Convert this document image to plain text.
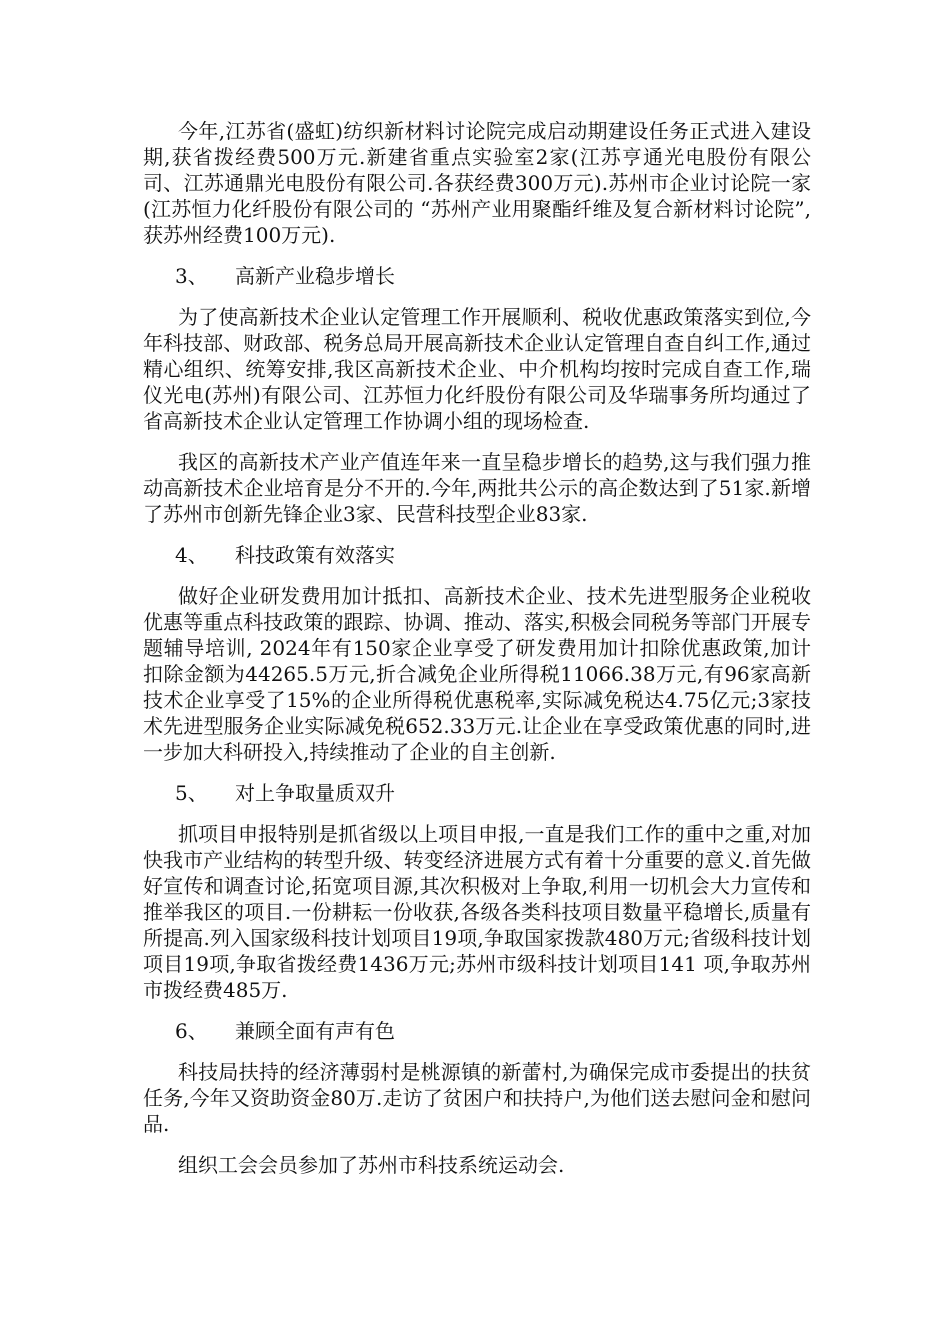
今年,江苏省(盛虹)纺织新材料讨论院完成启动期建设任务正式进入建设期,获省拨经费500万元.新建省重点实验室2家(江苏亨通光电股份有限公司、江苏通鼎光电股份有限公司.各获经费300万元).苏州市企业讨论院一家(江苏恒力化纤股份有限公司的 “苏州产业用聚酯纤维及复合新材料讨论院”,获苏州经费100万元).

3、 高新产业稳步增长

为了使高新技术企业认定管理工作开展顺利、税收优惠政策落实到位,今年科技部、财政部、税务总局开展高新技术企业认定管理自查自纠工作,通过精心组织、统筹安排,我区高新技术企业、中介机构均按时完成自查工作,瑞仪光电(苏州)有限公司、江苏恒力化纤股份有限公司及华瑞事务所均通过了省高新技术企业认定管理工作协调小组的现场检查.

我区的高新技术产业产值连年来一直呈稳步增长的趋势,这与我们强力推动高新技术企业培育是分不开的.今年,两批共公示的高企数达到了51家.新增了苏州市创新先锋企业3家、民营科技型企业83家.

4、 科技政策有效落实

做好企业研发费用加计抵扣、高新技术企业、技术先进型服务企业税收优惠等重点科技政策的跟踪、协调、推动、落实,积极会同税务等部门开展专题辅导培训, 2024年有150家企业享受了研发费用加计扣除优惠政策,加计扣除金额为44265.5万元,折合减免企业所得税11066.38万元,有96家高新技术企业享受了15%的企业所得税优惠税率,实际减免税达4.75亿元;3家技术先进型服务企业实际减免税652.33万元.让企业在享受政策优惠的同时,进一步加大科研投入,持续推动了企业的自主创新.

5、 对上争取量质双升

抓项目申报特别是抓省级以上项目申报,一直是我们工作的重中之重,对加快我市产业结构的转型升级、转变经济进展方式有着十分重要的意义.首先做好宣传和调查讨论,拓宽项目源,其次积极对上争取,利用一切机会大力宣传和推举我区的项目.一份耕耘一份收获,各级各类科技项目数量平稳增长,质量有所提高.列入国家级科技计划项目19项,争取国家拨款480万元;省级科技计划项目19项,争取省拨经费1436万元;苏州市级科技计划项目141 项,争取苏州市拨经费485万.

6、 兼顾全面有声有色

科技局扶持的经济薄弱村是桃源镇的新蕾村,为确保完成市委提出的扶贫任务,今年又资助资金80万.走访了贫困户和扶持户,为他们送去慰问金和慰问品.

组织工会会员参加了苏州市科技系统运动会.
